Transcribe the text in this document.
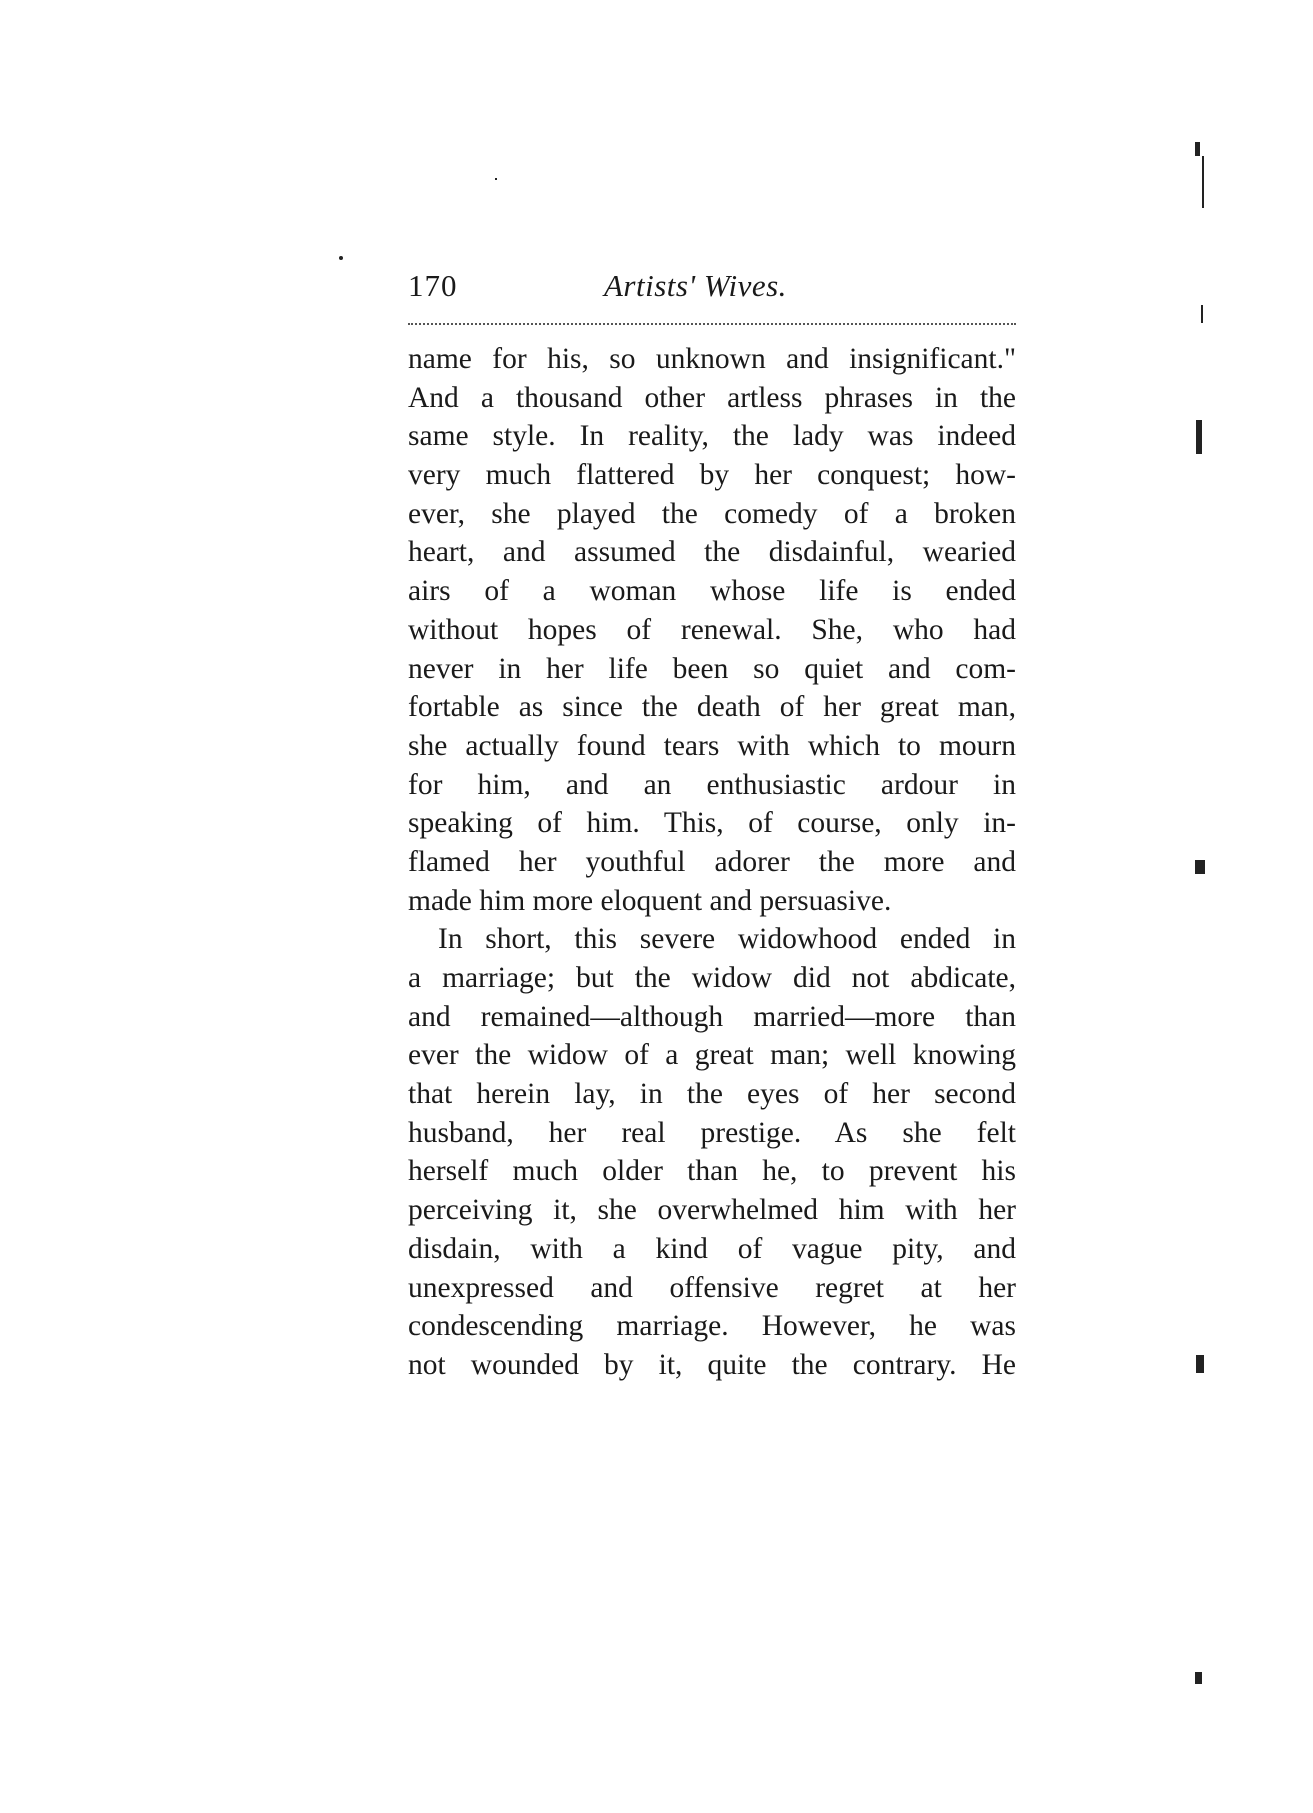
170	Artists' Wives.
name for his, so unknown and insignificant."
And a thousand other artless phrases in the
same style. In reality, the lady was indeed
very much flattered by her conquest; how-
ever, she played the comedy of a broken
heart, and assumed the disdainful, wearied
airs of a woman whose life is ended
without hopes of renewal. She, who had
never in her life been so quiet and com-
fortable as since the death of her great man,
she actually found tears with which to mourn
for him, and an enthusiastic ardour in
speaking of him. This, of course, only in-
flamed her youthful adorer the more and
made him more eloquent and persuasive.
In short, this severe widowhood ended in
a marriage; but the widow did not abdicate,
and remained—although married—more than
ever the widow of a great man; well knowing
that herein lay, in the eyes of her second
husband, her real prestige. As she felt
herself much older than he, to prevent his
perceiving it, she overwhelmed him with her
disdain, with a kind of vague pity, and
unexpressed and offensive regret at her
condescending marriage. However, he was
not wounded by it, quite the contrary. He
